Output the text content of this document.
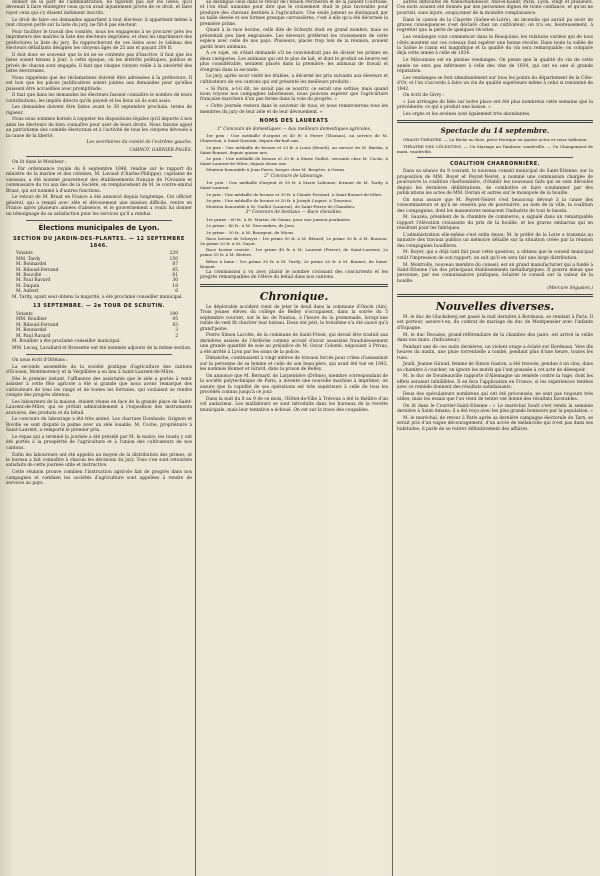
donner de la part de l'administration, ne figurent pas sur les listes; qu'il devenait à faire réintégrer ceux qu'on avait injustement privés de ce droit, et faire rayer ceux qui s'y étaient indûment inscrits.

Le droit de faire ces demandes appartient à tout électeur; il appartient même à tout citoyen porté sur la liste du jury, ne fût-il pas électeur.

Pour faciliter le travail des comités, nous les engageons à se procurer près les imprimeurs des mairies la liste des électeurs imprimée, et chez les imprimeurs des préfectures la liste du jury. Ils rapprocheront de ces listes avec le tableau des électeurs défaillants désignés les citoyens âgés de 25 ans et payant 200 fr.

Il doit donc se souvenir que la loi ne se contente pas d'inscrire, il faut que les listes soient tenues à jour; à cette époque, où les intérêts politiques, publics et privés de chacun sont engagés, il faut que chaque citoyen veille à la sincérité des listes électorales.

Nous rappelons que les réclamations doivent être adressées à la préfecture. Il est bon que les pièces justificatives soient jointes aux demandes pour qu'elles puissent être accueillies avec promptitude.

Il faut que dans les demandes les électeurs fassent connaître le nombre de leurs contributions, les impôts directs qu'ils payent et les lieux où ils sont assis.

Les demandes doivent être faites avant le 30 septembre prochain, terme de rigueur.

Nous nous sommes bornés à rappeler les dispositions légales qu'il importe à nos amis les électeurs de bien connaître pour user de leurs droits. Nous faisons appel au patriotisme des comités électoraux et à l'activité de tous les citoyens dévoués à la cause de la liberté.

Les secrétaires du comité de l'extrême gauche,

CARNOT, GARNIER-PAGÈS.

On lit dans le Moniteur :

« Par ordonnance royale du 6 septembre 1846, rendue sur le rapport du ministre de la marine et des colonies, M. Lavaud (Charles-Philippe), capitaine de vaisseau, a été nommé gouverneur des établissements français de l'Océanie et commissaire du roi aux îles de la Société, en remplacement de M. le contre-amiral Bruat, qui est nommé à d'autres fonctions.

Le retour de M. Bruat en France a été annoncé depuis longtemps. Cet officier général, qui a rempli avec zèle et dévouement une mission difficile, rentre en France après plusieurs années d'absence, et le gouvernement a voulu lui donner un témoignage de sa satisfaction pour les services qu'il a rendus.

Élections municipales de Lyon.
SECTION DU JARDIN-DES-PLANTES. — 12 SEPTEMBRE 1846.
Votants	229
MM. Tardy	150
M. Bonnardel	87
M. Riboud-Ferrand	85
M. Bouvillé	81
M. Paul Ravard	30
M. Daquin	18
M. Aubert	6

M. Tardy, ayant seul obtenu la majorité, a été proclamé conseiller municipal.

13 SEPTEMBRE. — 2e TOUR DE SCRUTIN.
Votants	190
MM. Bouillier	95
M. Riboud-Ferrand	83
M. Bonnardel	3
M. Paul Ravard	2

M. Bouillier a été proclamé conseiller municipal.

MM. Lecoq, Lavallard et Brossette ont été nommés adjoints de la même section.

On nous écrit d'Orléans :

La seconde assemblée de la société pratique d'agriculture des cantons d'Ecouen, Montmorency et la Verpillière a eu lieu à Saint-Laurent-de-Mûre.

Dès le premier instant, l'affluence des assistants que le zèle a portés à venir assister à cette fête agricole a été si grande que nous avons remarqué des cultivateurs de tous les rangs et de toutes les fortunes, qui voulaient se rendre compte des progrès obtenus.

Les laboureurs de la maison, étaient réunis en face de la grande place de Saint-Laurent-de-Mûre, qui se prêtait admirablement à l'exposition des instruments aratoires, des produits et du bétail.

Le concours du labourage a été très animé. Les charrues Dombasle, Grignon et Roville se sont disputé la palme avec un zèle louable. M. Coche, propriétaire à Saint-Laurent, a remporté le premier prix.

Le repas qui a terminé la journée a été présidé par M. le maire; les toasts y ont été portés à la prospérité de l'agriculture et à l'union des cultivateurs de nos cantons.

Enfin les laboureurs ont été appelés au moyen de la distribution des primes, et le bureau a fait connaître à chacun les décisions du jury. Tous s'en sont retournés satisfaits de cette journée utile et instructive.

Cette réunion prouve combien l'instruction agricole fait de progrès dans nos campagnes et combien les sociétés d'agriculture sont appelées à rendre de services au pays.

au distingué ceux dans le retour de l'étalon Percheron et de la jument Courtoise, et l'on était unanime pour dire que le croisement était le plus favorable pour produire des chevaux destinés à l'agriculture. Une seule jument se distinguait par sa taille élevée et ses formes presque carrossières; c'est à elle qu'a été décernée la première prime.

Quant à la race bovine, celle dite de Schwytz était en grand nombre, mais se présentait peu bien engraissée. Les éleveurs préfèrent les croisements de cette espèce avec celle de nos pays. Plusieurs, placés trop loin de la réunion, avaient gardé leurs animaux.

A ce sujet, on s'était demandé s'il ne conviendrait pas de diviser les primes en deux catégories. Les animaux qui ont le plus de lait, et dont le produit en beurre est plus considérable, seraient placés dans la première; les animaux de travail et d'engrais dans la seconde.

Le jury, après avoir visité les étables, a décerné les prix suivants aux éleveurs et cultivateurs de ces cantons qui ont présenté les meilleurs produits :

« Si Paris, a-t-il dit, ne savait pas se nourrir, ce serait une sottise; mais quand nous voyons nos campagnes laborieuses, nous pouvons espérer que l'agriculture française marchera d'un pas ferme dans la voie du progrès. »

« Cette journée restera dans le souvenir de tous, et nous remercierons tous les membres du jury de leur zèle et de leur dévouement. »

NOMS DES LAUREATS

1° Concours de domestiques — Aux meilleurs domestiques agricoles.

1er prix : Une médaille d'argent et 40 fr. à Pierre (Thomas), au service de M. Charreton, à Saint-Quentin, depuis dix-huit ans.

2e prix : Une médaille de bronze et 25 fr. à Louis (Benoît), au service de M. Bardin, à Saint-Bonnet, depuis quinze ans.

3e prix : Une médaille de bronze et 20 fr. à Marie Guillot, servante chez M. Coche, à Saint-Laurent-de-Mûre, depuis douze ans.

Mention honorable à Jean Favre, berger chez M. Bruyère, à Genas.

2° Concours de labourage.

1er prix : Une médaille d'argent et 50 fr. à Marie Labonne, fermier de M. Tardy, à Saint-Laurent.

2e prix : Une médaille de bronze et 30 fr. à Claude Ferrand, à Saint-Bonnet-de-Mûre.

3e prix : Une médaille de bronze et 20 fr. à Joseph Coquet, à Toussieu.

Mention honorable à M. Guillot (Laurent), de Saint-Pierre-de-Chandieu.

3° Concours de bestiaux — Race chevaline.

1re prime : 60 fr., à M. Martin, de Genas, pour une jument poulinière.

2e prime : 40 fr., à M. Descombes, de Jons.

3e prime : 30 fr., à M. Bourgeat, de Mions.

Race bovine de Schwytz : 1re prime 50 fr. à M. Bérard; 2e prime 30 fr. à M. Boisson; 3e prime 20 fr. à M. Guyot.

Race bovine croisée : 1re prime 40 fr. à M. Laurent (Pierre), de Saint-Laurent; 2e prime 25 fr. à M. Rivière.

Bêtes à laine : 1re prime 30 fr. à M. Tardy; 2e prime 20 fr. à M. Bonnet, de Saint-Bonnet.

La commission a vu avec plaisir le nombre croissant des concurrents et les progrès remarquables de l'élève du bétail dans nos cantons.

Chronique.

Le déplorable accident vient de jeter le deuil dans la commune d'Oncin (Ain). Trois jeunes élèves du collège de Belley s'occupaient, dans la soirée du 5 septembre courant, sur le lac de Nantua, à l'heure de la promenade, lorsqu'une rafale de vent fit chavirer leur bateau. Deux ont péri; le troisième n'a été sauvé qu'à grand'peine.

Pierre Simon Lacotte, de la commune de Saint-Priest, qui devait être traduit aux dernières assises de l'Ardèche comme accusé d'avoir assassiné frauduleusement une grande quantité de soie au préjudice de M. Oscar Colomb, négociant à Privas, a été arrêté à Lyon par les soins de la police.

Dimanche, continuaient à vingt mètres de travaux forcés pour crime d'assassinat sur la personne de sa femme et celle de son beau-père, qui avait été tué en 1843, les nommés Bonnet et Girard, dans la prison de Belley.

On annonce que M. Bernard, de Larpentière (Drôme), membre correspondant de la société polytechnique de Paris, a inventé une nouvelle machine à imprimer; on assure que la rapidité de ses opérations est très supérieure à celle de tous les procédés connus jusqu'à ce jour.

Dans la nuit du 8 au 9 de ce mois, l'Hôtel-de-Ville à Trévoux a été le théâtre d'un vol audacieux. Les malfaiteurs se sont introduits dans les bureaux de la recette municipale, mais leur tentative a échoué. On est sur la trace des coupables.

autres difficultés de Nabuchodonosor, Abd-el-Kader, Paris, Lyon, vingt et plusieurs. Ces mots avaient été donnés par des personnes dignes de toute confiance, et qu'on ne pourrait, sans injure, soupçonner de la moindre complaisance.

Dans le canton de la Clayette (Saône-et-Loire), un incendie qui aurait pu avoir de graves conséquences s'est déclaré chez un cultivateur; on n'a eu, heureusement, à regretter que la perte de quelques récoltes.

Les vendanges vont commencer dans le Beaujolais; les relations variées qui de tous côtés montent sur ces coteaux font espérer une bonne récolte. Dans toute la vallée de la Saône le raisin est magnifique et la qualité du vin sera remarquable; on compare déjà cette année à celle de 1834.

Le Mâconnais est en pleines vendanges. On pense que la qualité du vin de cette année ne sera pas inférieure à celle des vins de 1834, qui ont eu une si grande réputation.

Les vendanges se font simultanément sur tous les points du département de la Côte-d'Or, et l'on s'accorde à faire un vin de qualité supérieure même à celui si renommé de 1842.

On écrit de Givry :

« Les arrivages de blés sur notre place ont été plus nombreux cette semaine que la précédente; ce qui a produit une baisse. »

Les orges et les avoines sont également très abondantes.

Spectacle du 14 septembre.

GRAND-THÉATRE. — La Biche au Bois, pièce féerique en quatre actes et seize tableaux.

THÉATRE DES CÉLESTINS. — Un Mariage au Tambour, vaudeville. — Un Changement de main, vaudeville.

COALITION CHARBONNIÈRE.

Dans sa séance du 9 courant, le nouveau conseil municipal de Saint-Etienne, sur la proposition de MM. Royet et Peyret-Neiret, a nommé une commission chargée de poursuivre la coalition charbonnière, d'établir les nouveaux faits qui se sont déroulés depuis les dernières délibérations, de combattre et faire condamner par des publications les actes de MM. Dorian et autres sur le monopole de la houille.

On nous assure que M. Peyret-Neiret s'est beaucoup dévoué à la cause des consommateurs et qu'il ne cessera pas de poursuivre, au nom de la ville, la coalition des compagnies, dont les manœuvres menacent l'industrie de tout le bassin.

M. Sauzéa, président de la chambre de commerce, a signalé dans un remarquable rapport l'élévation croissante du prix de la houille, et les graves embarras qui en résultent pour les fabriques.

L'administration elle-même s'est enfin émue; M. le préfet de la Loire a transmis au ministre des travaux publics un mémoire détaillé sur la situation créée par la réunion des compagnies houillères.

M. Royet, qui a déjà tant fait pour cette question, a obtenu que le conseil municipal votât l'impression de son rapport; on sait qu'il en sera fait une large distribution.

M. Montrollo, nouveau membre du conseil, est un grand manufacturier qui a fondé à Saint-Etienne l'un des principaux établissements métallurgiques. Il pourra mieux que personne, par ses connaissances pratiques, éclairer le conseil sur la valeur de la houille.

(Mercure Ségusien.)

Nouvelles diverses.

M. le duc de Glucksberg est passé la nuit dernière à Bordeaux, se rendant à Paris. Il est porteur, assure-t-on, du contrat de mariage du duc de Montpensier avec l'infante d'Espagne.

M. le duc Decazes, grand-référendaire de la chambre des pairs, est arrivé la veille dans nos murs. (Indicateur.)

Pendant une de ces nuits dernières, un violent orage a éclaté sur Bordeaux. Vers dix heures du matin, une pluie torrentielle a tombé, pendant plus d'une heure, toutes les rues.

Jeudi, Jeanne Giraud, femme de Simon Gaston, a été trouvée, pendue à un clou, dans sa chambre à coucher; on ignore les motifs qui l'ont poussée à cet acte de désespoir.

M. le duc de Doudeauville rapporte d'Allemagne un remède contre la rage, dont les effets seraient infaillibles. Il en fera l'application en France, si les expériences tentées avec ce remède donnent des résultats satisfaisants.

Deux des spéculateurs nombreux qui ont été préconisés, ne sont pas toujours très utiles; mais les essais que l'on vient de tenter ont donné des résultats favorables.

On lit dans le Courrier-Saint-Etienne : « Le maréchal Soult s'est rendu la semaine dernière à Saint-Amans; il a été reçu avec les plus grands honneurs par la population. »

M. le maréchal, de retour à Paris après sa dernière campagne électorale du Tarn, se serait pris d'un vague découragement, d'un accès de mélancolie qui n'est pas dans ses habitudes; il parle de se retirer définitivement des affaires.
